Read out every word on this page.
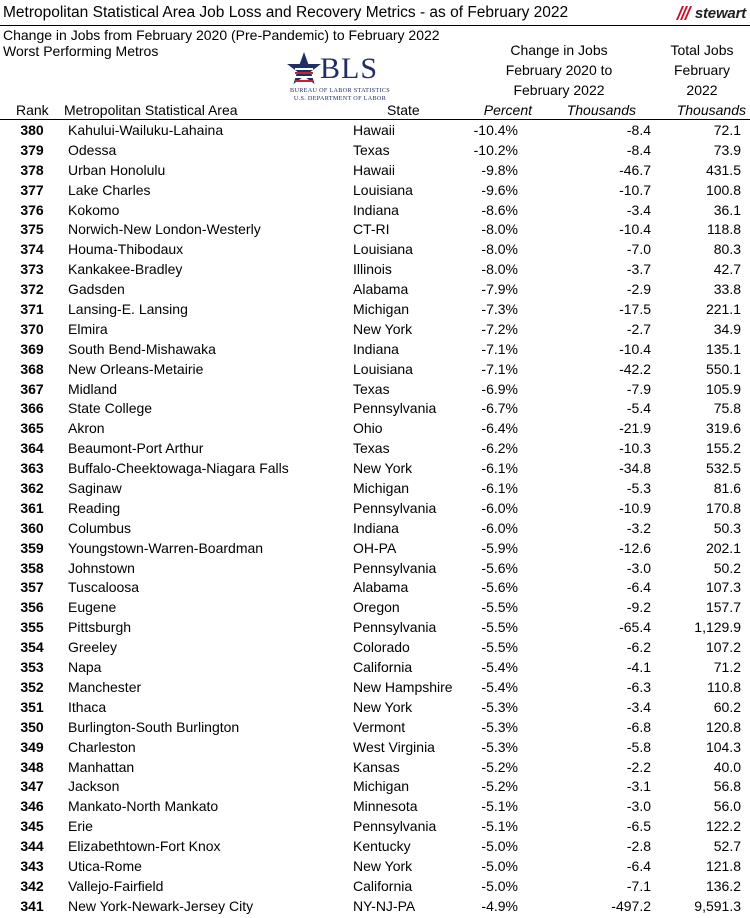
Metropolitan Statistical Area Job Loss and Recovery Metrics - as of February 2022	stewart
Change in Jobs from February 2020 (Pre-Pandemic) to February 2022
Worst Performing Metros
BLS
BUREAU OF LABOR STATISTICS
U.S. DEPARTMENT OF LABOR
Change in Jobs
February 2020 to
February 2022
Total Jobs
February
2022
Rank Metropolitan Statistical Area	State	Percent Thousands	Thousands
380	Kahului-Wailuku-Lahaina	Hawaii	-10.4%	-8.4	72.1
379	Odessa	Texas	-10.2%	-8.4	73.9
378	Urban Honolulu	Hawaii	-9.8%	-46.7	431.5
377	Lake Charles	Louisiana	-9.6%	-10.7	100.8
376	Kokomo	Indiana	-8.6%	-3.4	36.1
375	Norwich-New London-Westerly	CT-RI	-8.0%	-10.4	118.8
374	Houma-Thibodaux	Louisiana	-8.0%	-7.0	80.3
373	Kankakee-Bradley	Illinois	-8.0%	-3.7	42.7
372	Gadsden	Alabama	-7.9%	-2.9	33.8
371	Lansing-E. Lansing	Michigan	-7.3%	-17.5	221.1
370	Elmira	New York	-7.2%	-2.7	34.9
369	South Bend-Mishawaka	Indiana	-7.1%	-10.4	135.1
368	New Orleans-Metairie	Louisiana	-7.1%	-42.2	550.1
367	Midland	Texas	-6.9%	-7.9	105.9
366	State College	Pennsylvania	-6.7%	-5.4	75.8
365	Akron	Ohio	-6.4%	-21.9	319.6
364	Beaumont-Port Arthur	Texas	-6.2%	-10.3	155.2
363	Buffalo-Cheektowaga-Niagara Falls	New York	-6.1%	-34.8	532.5
362	Saginaw	Michigan	-6.1%	-5.3	81.6
361	Reading	Pennsylvania	-6.0%	-10.9	170.8
360	Columbus	Indiana	-6.0%	-3.2	50.3
359	Youngstown-Warren-Boardman	OH-PA	-5.9%	-12.6	202.1
358	Johnstown	Pennsylvania	-5.6%	-3.0	50.2
357	Tuscaloosa	Alabama	-5.6%	-6.4	107.3
356	Eugene	Oregon	-5.5%	-9.2	157.7
355	Pittsburgh	Pennsylvania	-5.5%	-65.4	1,129.9
354	Greeley	Colorado	-5.5%	-6.2	107.2
353	Napa	California	-5.4%	-4.1	71.2
352	Manchester	New Hampshire -5.4%	-6.3	110.8
351	Ithaca	New York	-5.3%	-3.4	60.2
350	Burlington-South Burlington	Vermont	-5.3%	-6.8	120.8
349	Charleston	West Virginia	-5.3%	-5.8	104.3
348	Manhattan	Kansas	-5.2%	-2.2	40.0
347	Jackson	Michigan	-5.2%	-3.1	56.8
346	Mankato-North Mankato	Minnesota	-5.1%	-3.0	56.0
345	Erie	Pennsylvania	-5.1%	-6.5	122.2
344	Elizabethtown-Fort Knox	Kentucky	-5.0%	-2.8	52.7
343	Utica-Rome	New York	-5.0%	-6.4	121.8
342	Vallejo-Fairfield	California	-5.0%	-7.1	136.2
341	New York-Newark-Jersey City	NY-NJ-PA	-4.9%	-497.2	9,591.3
